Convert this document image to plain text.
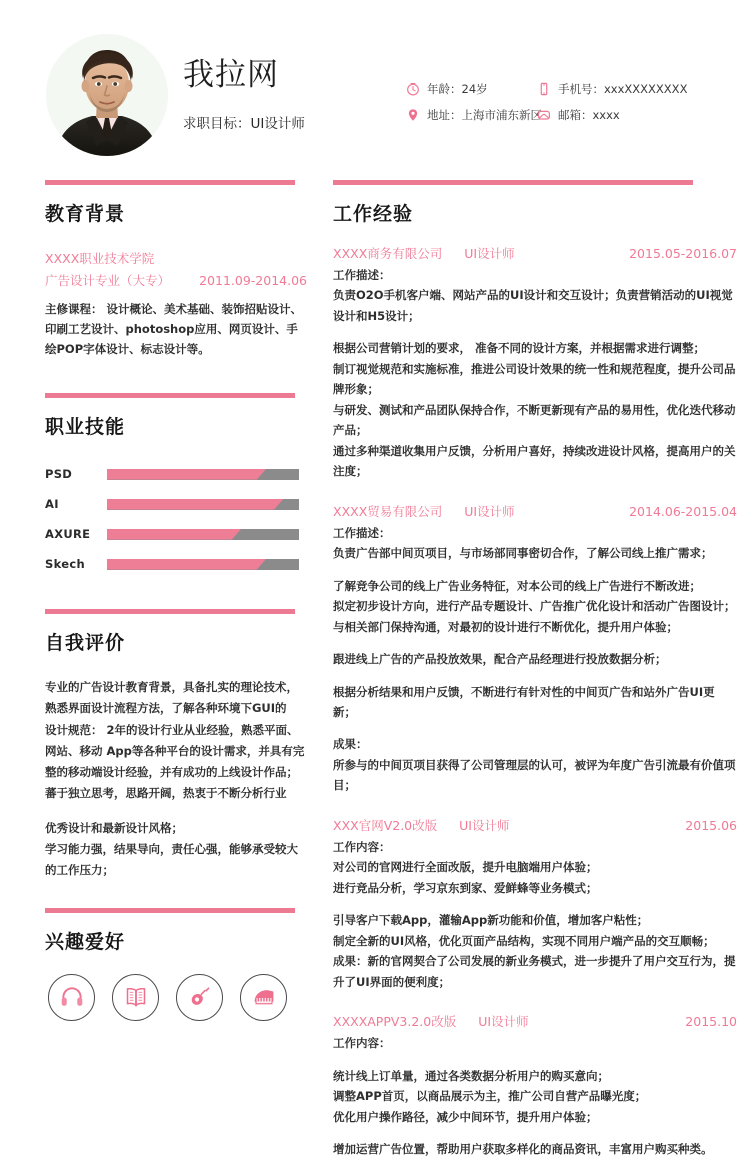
我拉网
求职目标：UI设计师
年龄：24岁	手机号：xxxXXXXXXXX
地址：上海市浦东新区 邮箱：xxxx
教育背景
XXXX职业技术学院
广告设计专业（大专） 2011.09-2014.06
主修课程： 设计概论、美术基础、装饰招贴设计、印刷工艺设计、photoshop应用、网页设计、手绘POP字体设计、标志设计等。
职业技能
PSD
AI
AXURE
Skech
自我评价

专业的广告设计教育背景，具备扎实的理论技术，熟悉界面设计流程方法，了解各种环境下GUI的

设计规范： 2年的设计行业从业经验，熟悉平面、网站、移动 App等各种平台的设计需求，并具有完整的移动端设计经验，并有成功的上线设计作品；

蕃于独立思考，思路开阔，热衷于不断分析行业

优秀设计和最新设计风格；

学习能力强，结果导向，责任心强，能够承受较大的工作压力；

兴趣爱好
工作经验
XXXX商务有限公司 UI设计师	2015.05-2016.07

工作描述：

负责O2O手机客户端、网站产品的UI设计和交互设计；负责营销活动的UI视觉设计和H5设计；

根据公司营销计划的要求， 准备不同的设计方案，并根据需求进行调整；

制订视觉规范和实施标准，推进公司设计效果的统一性和规范程度，提升公司品牌形象；

与研发、测试和产品团队保持合作，不断更新现有产品的易用性，优化迭代移动产品；

通过多种渠道收集用户反馈，分析用户喜好，持续改进设计风格，提高用户的关注度；

XXXX贸易有限公司 UI设计师	2014.06-2015.04

工作描述：

负责广告部中间页项目，与市场部同事密切合作，了解公司线上推广需求；

了解竞争公司的线上广告业务特征，对本公司的线上广告进行不断改进；

拟定初步设计方向，进行产品专题设计、广告推广优化设计和活动广告图设计；

与相关部门保持沟通，对最初的设计进行不断优化，提升用户体验；

跟进线上广告的产品投放效果，配合产品经理进行投放数据分析；

根据分析结果和用户反馈，不断进行有针对性的中间页广告和站外广告UI更新；

成果：

所参与的中间页项目获得了公司管理层的认可，被评为年度广告引流最有价值项目；

XXX官网V2.0改版 UI设计师	2015.06

工作内容：

对公司的官网进行全面改版，提升电脑端用户体验；

进行竞品分析，学习京东到家、爱鲜蜂等业务模式；

引导客户下载App，灌输App新功能和价值，增加客户粘性；

制定全新的UI风格，优化页面产品结构，实现不同用户端产品的交互顺畅；

成果：新的官网契合了公司发展的新业务模式，进一步提升了用户交互行为，提升了UI界面的便利度；

XXXXAPPV3.2.0改版 UI设计师	2015.10

工作内容：

统计线上订单量，通过各类数据分析用户的购买意向；

调整APP首页，以商品展示为主，推广公司自营产品曝光度；

优化用户操作路径，减少中间环节，提升用户体验；

增加运营广告位置，帮助用户获取多样化的商品资讯，丰富用户购买种类。
